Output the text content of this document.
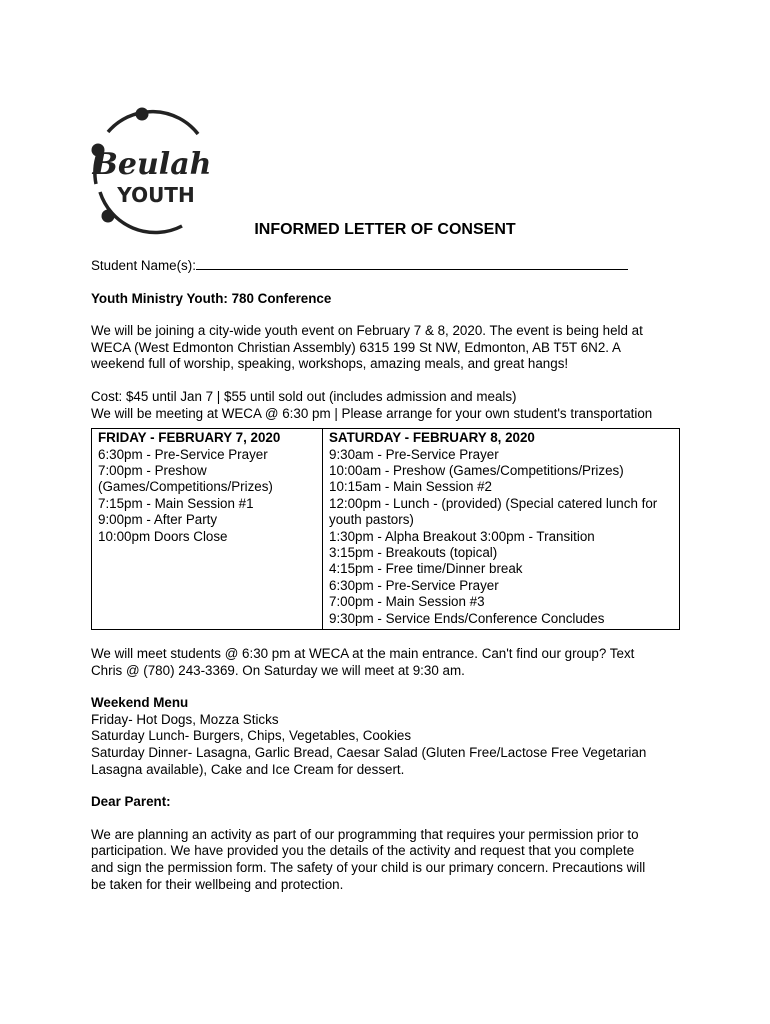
Beulah
YOUTH
INFORMED LETTER OF CONSENT
Student Name(s):
Youth Ministry Youth: 780 Conference
We will be joining a city-wide youth event on February 7 & 8, 2020. The event is being held at
WECA (West Edmonton Christian Assembly) 6315 199 St NW, Edmonton, AB T5T 6N2. A
weekend full of worship, speaking, workshops, amazing meals, and great hangs!
Cost: $45 until Jan 7 | $55 until sold out (includes admission and meals)
We will be meeting at WECA @ 6:30 pm | Please arrange for your own student's transportation
FRIDAY - FEBRUARY 7, 2020
6:30pm - Pre-Service Prayer
7:00pm - Preshow
(Games/Competitions/Prizes)
7:15pm - Main Session #1
9:00pm - After Party
10:00pm Doors Close

SATURDAY - FEBRUARY 8, 2020
9:30am - Pre-Service Prayer
10:00am - Preshow (Games/Competitions/Prizes)
10:15am - Main Session #2
12:00pm - Lunch - (provided) (Special catered lunch for
youth pastors)
1:30pm - Alpha Breakout 3:00pm - Transition
3:15pm - Breakouts (topical)
4:15pm - Free time/Dinner break
6:30pm - Pre-Service Prayer
7:00pm - Main Session #3
9:30pm - Service Ends/Conference Concludes
We will meet students @ 6:30 pm at WECA at the main entrance. Can't find our group? Text
Chris @ (780) 243-3369. On Saturday we will meet at 9:30 am.
Weekend Menu
Friday- Hot Dogs, Mozza Sticks
Saturday Lunch- Burgers, Chips, Vegetables, Cookies
Saturday Dinner- Lasagna, Garlic Bread, Caesar Salad (Gluten Free/Lactose Free Vegetarian
Lasagna available), Cake and Ice Cream for dessert.
Dear Parent:
We are planning an activity as part of our programming that requires your permission prior to
participation. We have provided you the details of the activity and request that you complete
and sign the permission form. The safety of your child is our primary concern. Precautions will
be taken for their wellbeing and protection.
